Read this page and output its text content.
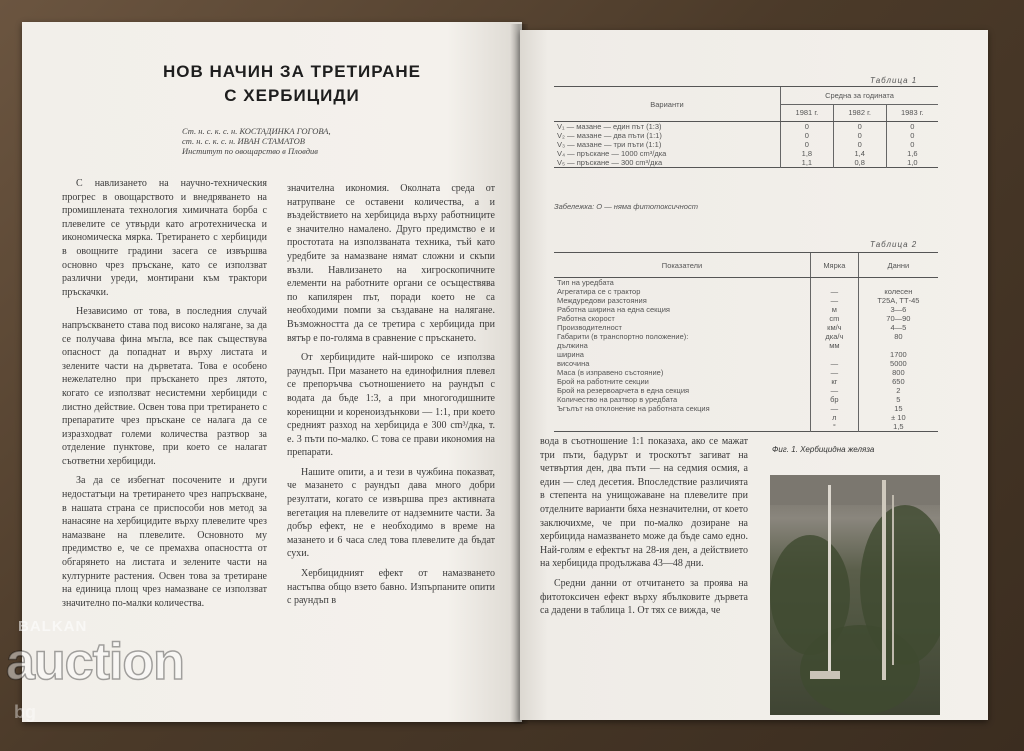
НОВ НАЧИН ЗА ТРЕТИРАНЕ
С ХЕРБИЦИДИ
Ст. н. с. к. с. н. КОСТАДИНКА ГОГОВА,
ст. н. с. к. с. н. ИВАН СТАМАТОВ
Институт по овощарство в Пловдив

С навлизането на научно-техническия прогрес в овощарството и внедряването на промишлената технология химичната борба с плевелите се утвърди като агротехническа и икономическа мярка. Третирането с хербициди в овощните градини засега се извършва основно чрез пръскане, като се използват различни уреди, монтирани към трактори пръскачки.

Независимо от това, в последния случай напръскването става под високо налягане, за да се получава фина мъгла, все пак съществува опасност да попаднат и върху листата и зелените части на дърветата. Това е особено нежелателно при пръскането през лятото, когато се използват несистемни хербициди с листно действие. Освен това при третирането с препаратите чрез пръскане се налага да се изразходват големи количества разтвор за отделение пунктове, при което се налагат съответни хербициди.

За да се избегнат посочените и други недостатъци на третирането чрез напръскване, в нашата страна се приспособи нов метод за нанасяне на хербицидите върху плевелите чрез намазване на плевелите. Основното му предимство е, че се премахва опасността от обгарянето на листата и зелените части на културните растения. Освен това за третиране на единица площ чрез намазване се използват значително по-малки количества.

значителна икономия. Околната среда от натрупване се оставени количества, а и въздействието на хербицида върху работниците е значително намалено. Друго предимство е и простотата на използваната техника, тъй като уредбите за намазване нямат сложни и скъпи възли. Навлизането на хигроскопичните елементи на работните органи се осъществява по капилярен път, поради което не са необходими помпи за създаване на налягане. Възможността да се третира с хербицида при вятър е по-голяма в сравнение с пръскането.

От хербицидите най-широко се използва раундъп. При мазането на единофилния плевел се препоръчва съотношението на раундъп с водата да бъде 1:3, а при многогодишните коренищни и кореноиздънкови — 1:1, при което средният разход на хербицида е 300 cm³/дка, т. е. 3 пъти по-малко. С това се прави икономия на препарати.

Нашите опити, а и тези в чужбина показват, че мазането с раундъп дава много добри резултати, когато се извършва през активната вегетация на плевелите от надземните части. За добър ефект, не е необходимо в време на мазането и 6 часа след това плевелите да бъдат сухи.

Хербицидният ефект от намазването настъпва общо взето бавно. Изпърпаните опити с раундъп в

Таблица 1
Варианти	Средна за годината		
	1981 г.	1982 г.	1983 г.
V₁ — мазане — един път (1:3)	0	0	0
V₂ — мазане — два пъти (1:1)	0	0	0
V₃ — мазане — три пъти (1:1)	0	0	0
V₄ — пръскане — 1000 cm³/дка	1,8	1,4	1,6
V₅ — пръскане — 300 cm³/дка	1,1	0,8	1,0
Забележка: О — няма фитотоксичност
Таблица 2
Показатели	Мярка	Данни
Тип на уредбата		
Агрегатира се с трактор	—	колесен
Междуредови разстояния	—	Т25А, ТТ-45
Работна ширина на една секция	м	3—6
Работна скорост	cm	70—90
Производителност	км/ч	4—5
Габарити (в транспортно положение):	дка/ч	80
дължина	мм	
ширина		1700
височина	—	5000
Маса (в изправено състояние)	—	800
Брой на работните секции	кг	650
Брой на резервоарчета в една секция	—	2
Количество на разтвор в уредбата	бр	5
Ъгълът на отклонение на работната секция	—	15
	л	± 10
	°	1,5

вода в съотношение 1:1 показаха, ако се мажат три пъти, бадурът и троскотът загиват на четвъртия ден, два пъти — на седмия осмия, а един — след десетия. Впоследствие различията в степента на унищожаване на плевелите при отделните варианти бяха незначителни, от което заключихме, че при по-малко дозиране на хербицида намазването може да бъде само едно. Най-голям е ефектът на 28-ия ден, а действието на хербицида продължава 43—48 дни.

Средни данни от отчитането за проява на фитотоксичен ефект върху ябълковите дървета са дадени в таблица 1. От тях се вижда, че

Фиг. 1. Хербицидна желяза
BALKAN
auction
bg
